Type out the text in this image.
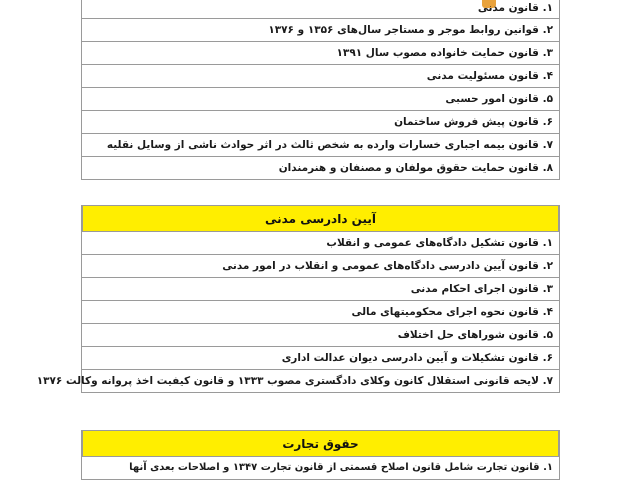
۱. قانون مدنی
۲. قوانین روابط موجر و مستاجر سال‌های ۱۳۵۶ و ۱۳۷۶
۳. قانون حمایت خانواده مصوب سال ۱۳۹۱
۴. قانون مسئولیت مدنی
۵. قانون امور حسبی
۶. قانون پیش فروش ساختمان
۷. قانون بیمه اجباری خسارات وارده به شخص ثالث در اثر حوادث ناشی از وسایل نقلیه
۸. قانون حمایت حقوق مولفان و مصنفان و هنرمندان
آیین دادرسی مدنی
۱. قانون تشکیل دادگاه‌های عمومی و انقلاب
۲. قانون آیین دادرسی دادگاه‌های عمومی و انقلاب در امور مدنی
۳. قانون اجرای احکام مدنی
۴. قانون نحوه اجرای محکومیتهای مالی
۵. قانون شوراهای حل اختلاف
۶. قانون تشکیلات و آیین دادرسی دیوان عدالت اداری
۷. لایحه قانونی استقلال کانون وکلای دادگستری مصوب ۱۳۳۳ و قانون کیفیت اخذ پروانه وکالت ۱۳۷۶
حقوق تجارت
۱. قانون تجارت شامل قانون اصلاح قسمتی از قانون تجارت ۱۳۴۷ و اصلاحات بعدی آنها
